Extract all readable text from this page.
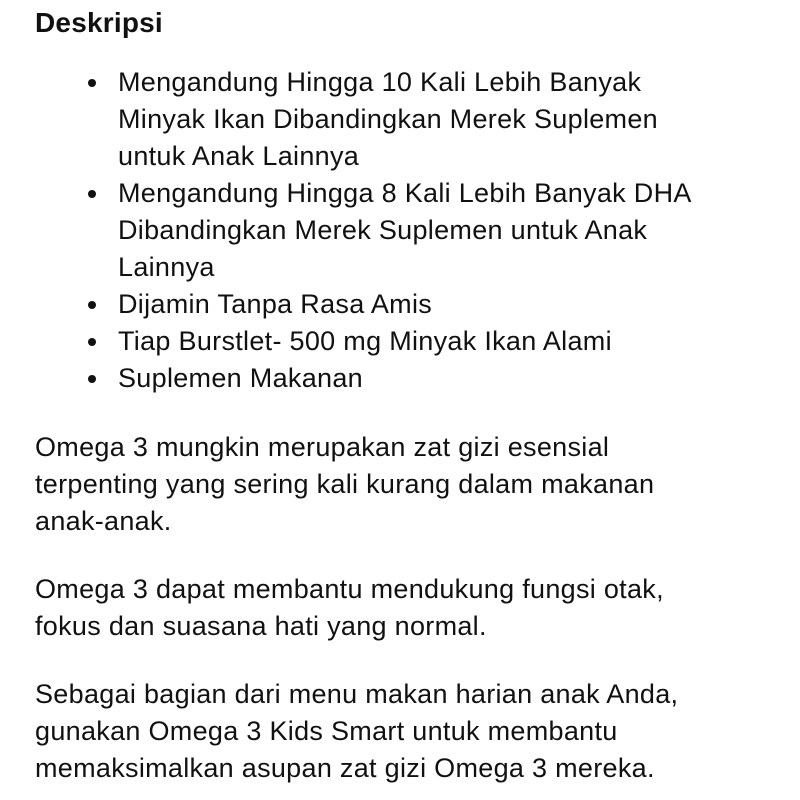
Deskripsi
Mengandung Hingga 10 Kali Lebih Banyak Minyak Ikan Dibandingkan Merek Suplemen untuk Anak Lainnya
Mengandung Hingga 8 Kali Lebih Banyak DHA Dibandingkan Merek Suplemen untuk Anak Lainnya
Dijamin Tanpa Rasa Amis
Tiap Burstlet- 500 mg Minyak Ikan Alami
Suplemen Makanan

Omega 3 mungkin merupakan zat gizi esensial terpenting yang sering kali kurang dalam makanan anak-anak.

Omega 3 dapat membantu mendukung fungsi otak, fokus dan suasana hati yang normal.

Sebagai bagian dari menu makan harian anak Anda, gunakan Omega 3 Kids Smart untuk membantu memaksimalkan asupan zat gizi Omega 3 mereka.
